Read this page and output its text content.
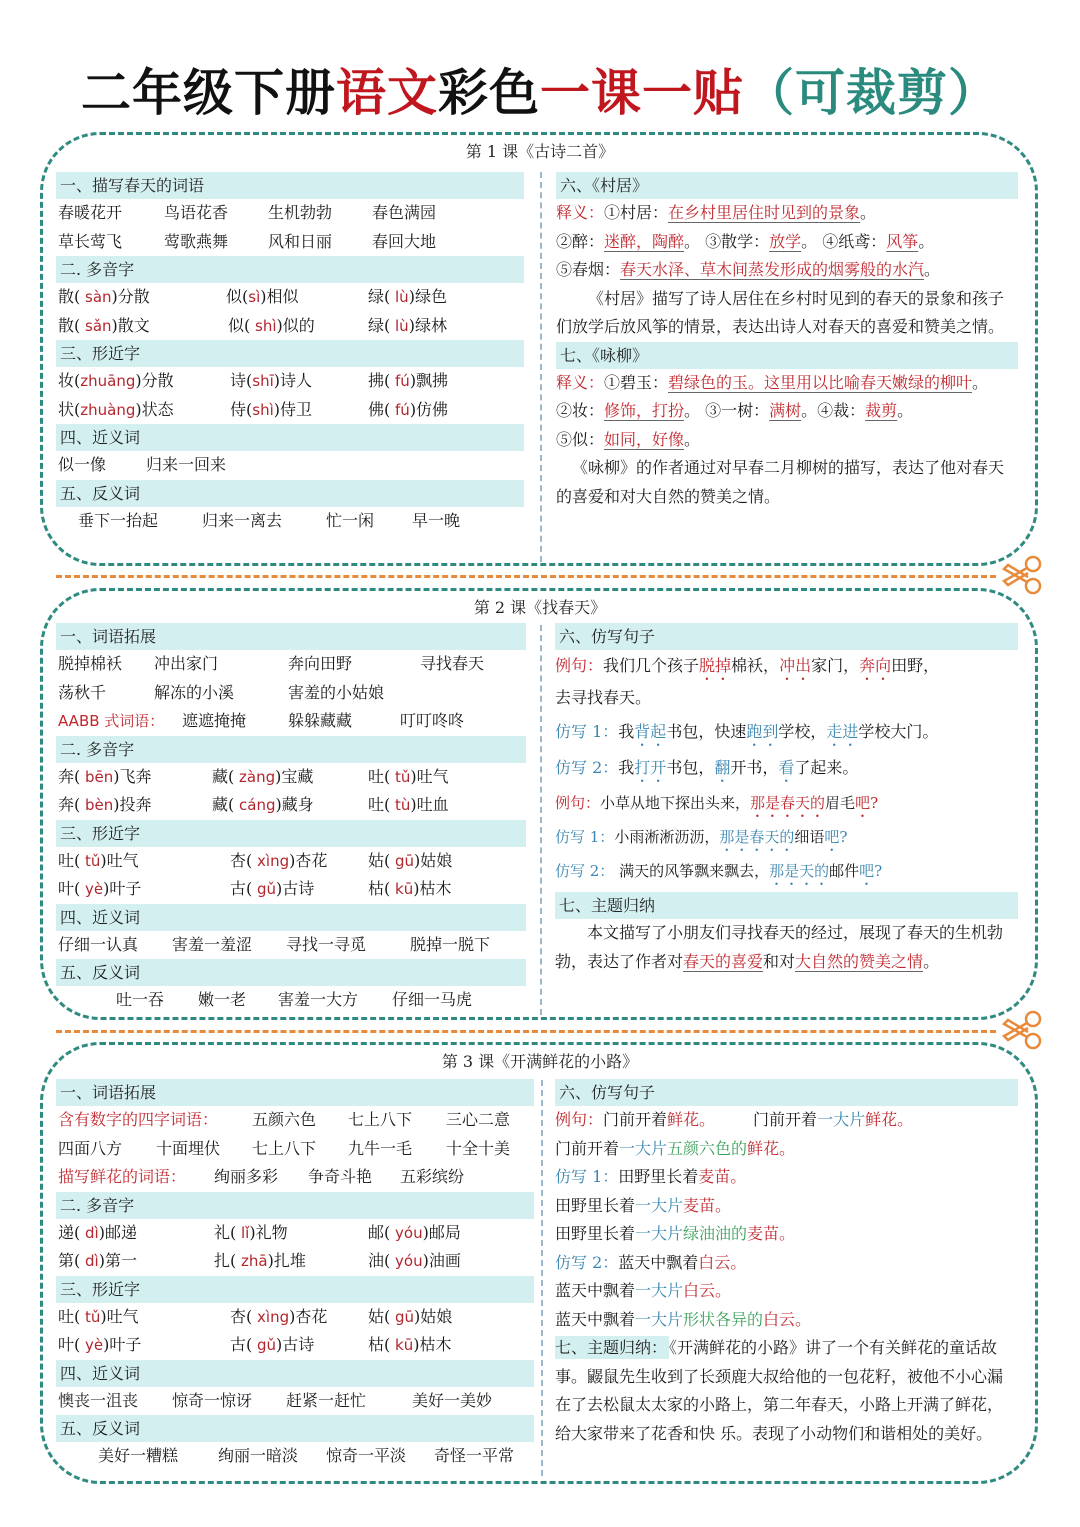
二年级下册语文彩色一课一贴（可裁剪）
第 1 课《古诗二首》
一、描写春天的词语
春暖花开	鸟语花香 生机勃勃 春色满园
草长莺飞	莺歌燕舞 风和日丽 春回大地
二. 多音字
散( sàn)分散	似(sì)相似	绿( lù)绿色
散( sǎn)散文	似( shì)似的	绿( lù)绿林
三、形近字
妆(zhuāng)分散	诗(shī)诗人	拂( fú)飘拂
状(zhuàng)状态	侍(shì)侍卫	佛( fú)仿佛
四、近义词
似一像 归来一回来
五、反义词
垂下一抬起	归来一离去	忙一闲 早一晚
六、《村居》
释义：①村居：在乡村里居住时见到的景象。
②醉：迷醉，陶醉。 ③散学：放学。 ④纸鸢：风筝。
⑤春烟：春天水泽、草木间蒸发形成的烟雾般的水汽。
《村居》描写了诗人居住在乡村时见到的春天的景象和孩子们放学后放风筝的情景，表达出诗人对春天的喜爱和赞美之情。
七、《咏柳》
释义：①碧玉：碧绿色的玉。这里用以比喻春天嫩绿的柳叶。
②妆：修饰，打扮。 ③一树：满树。④裁：裁剪。
⑤似：如同，好像。
《咏柳》的作者通过对早春二月柳树的描写，表达了他对春天的喜爱和对大自然的赞美之情。
第 2 课《找春天》
一、词语拓展
脱掉棉袄 冲出家门	奔向田野	寻找春天
荡秋千	解冻的小溪	害羞的小姑娘
AABB 式词语： 遮遮掩掩	躲躲藏藏	叮叮咚咚
二. 多音字
奔( bēn)飞奔	藏( zàng)宝藏	吐( tǔ)吐气
奔( bèn)投奔	藏( cáng)藏身	吐( tù)吐血
三、形近字
吐( tǔ)吐气	杏( xìng)杏花	姑( gū)姑娘
叶( yè)叶子	古( gǔ)古诗	枯( kū)枯木
四、近义词
仔细一认真 害羞一羞涩 寻找一寻觅	脱掉一脱下
五、反义词
吐一吞 嫩一老 害羞一大方 仔细一马虎
六、仿写句子
例句：我们几个孩子脱掉棉袄，冲出家门，奔向田野，
去寻找春天。
仿写 1：我背起书包，快速跑到学校，走进学校大门。
仿写 2：我打开书包，翻开书，看了起来。
例句：小草从地下探出头来，那是春天的眉毛吧?
仿写 1：小雨淅淅沥沥，那是春天的细语吧?
仿写 2： 满天的风筝飘来飘去，那是天的邮件吧?
七、主题归纳
本文描写了小朋友们寻找春天的经过，展现了春天的生机勃勃，表达了作者对春天的喜爱和对大自然的赞美之情。
第 3 课《开满鲜花的小路》
一、词语拓展
含有数字的四字词语： 五颜六色 七上八下 三心二意
四面八方 十面埋伏 七上八下 九牛一毛 十全十美
描写鲜花的词语： 绚丽多彩 争奇斗艳 五彩缤纷
二. 多音字
递( dì)邮递	礼( lǐ)礼物	邮( yóu)邮局
第( dì)第一	扎( zhā)扎堆	油( yóu)油画
三、形近字
吐( tǔ)吐气	杏( xìng)杏花	姑( gū)姑娘
叶( yè)叶子	古( gǔ)古诗	枯( kū)枯木
四、近义词
懊丧一沮丧 惊奇一惊讶 赶紧一赶忙	美好一美妙
五、反义词
美好一糟糕 绚丽一暗淡 惊奇一平淡 奇怪一平常
六、仿写句子
例句：门前开着鲜花。 门前开着一大片鲜花。
门前开着一大片五颜六色的鲜花。
仿写 1：田野里长着麦苗。
田野里长着一大片麦苗。
田野里长着一大片绿油油的麦苗。
仿写 2：蓝天中飘着白云。
蓝天中飘着一大片白云。
蓝天中飘着一大片形状各异的白云。
七、主题归纳： 《开满鲜花的小路》讲了一个有关鲜花的童话故事。鼹鼠先生收到了长颈鹿大叔给他的一包花籽，被他不小心漏在了去松鼠太太家的小路上，第二年春天，小路上开满了鲜花，给大家带来了花香和快 乐。表现了小动物们和谐相处的美好。
